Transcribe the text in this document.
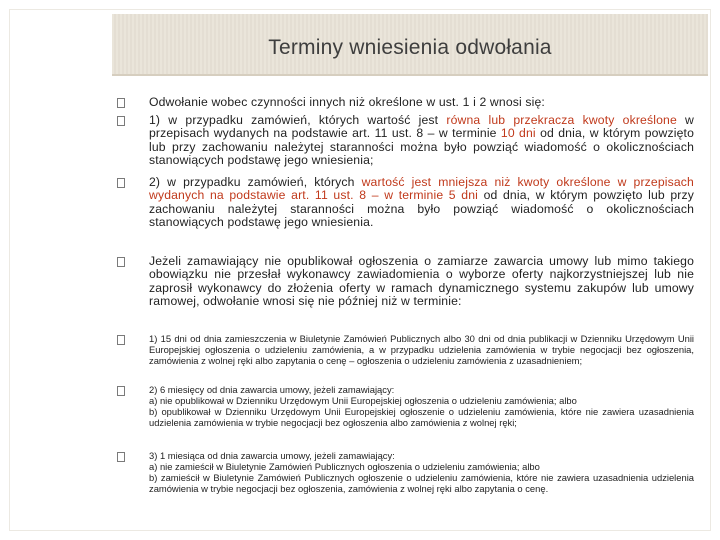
Terminy wniesienia odwołania
Odwołanie wobec czynności innych niż określone w ust. 1 i 2 wnosi się:
1) w przypadku zamówień, których wartość jest równa lub przekracza kwoty określone w przepisach wydanych na podstawie art. 11 ust. 8 – w terminie 10 dni od dnia, w którym powzięto lub przy zachowaniu należytej staranności można było powziąć wiadomość o okolicznościach stanowiących podstawę jego wniesienia;
2) w przypadku zamówień, których wartość jest mniejsza niż kwoty określone w przepisach wydanych na podstawie art. 11 ust. 8 – w terminie 5 dni od dnia, w którym powzięto lub przy zachowaniu należytej staranności można było powziąć wiadomość o okolicznościach stanowiących podstawę jego wniesienia.
Jeżeli zamawiający nie opublikował ogłoszenia o zamiarze zawarcia umowy lub mimo takiego obowiązku nie przesłał wykonawcy zawiadomienia o wyborze oferty najkorzystniejszej lub nie zaprosił wykonawcy do złożenia oferty w ramach dynamicznego systemu zakupów lub umowy ramowej, odwołanie wnosi się nie później niż w terminie:
1) 15 dni od dnia zamieszczenia w Biuletynie Zamówień Publicznych albo 30 dni od dnia publikacji w Dzienniku Urzędowym Unii Europejskiej ogłoszenia o udzieleniu zamówienia, a w przypadku udzielenia zamówienia w trybie negocjacji bez ogłoszenia, zamówienia z wolnej ręki albo zapytania o cenę – ogłoszenia o udzieleniu zamówienia z uzasadnieniem;
2) 6 miesięcy od dnia zawarcia umowy, jeżeli zamawiający:
a) nie opublikował w Dzienniku Urzędowym Unii Europejskiej ogłoszenia o udzieleniu zamówienia; albo
b) opublikował w Dzienniku Urzędowym Unii Europejskiej ogłoszenie o udzieleniu zamówienia, które nie zawiera uzasadnienia udzielenia zamówienia w trybie negocjacji bez ogłoszenia albo zamówienia z wolnej ręki;
3) 1 miesiąca od dnia zawarcia umowy, jeżeli zamawiający:
a) nie zamieścił w Biuletynie Zamówień Publicznych ogłoszenia o udzieleniu zamówienia; albo
b) zamieścił w Biuletynie Zamówień Publicznych ogłoszenie o udzieleniu zamówienia, które nie zawiera uzasadnienia udzielenia zamówienia w trybie negocjacji bez ogłoszenia, zamówienia z wolnej ręki albo zapytania o cenę.
